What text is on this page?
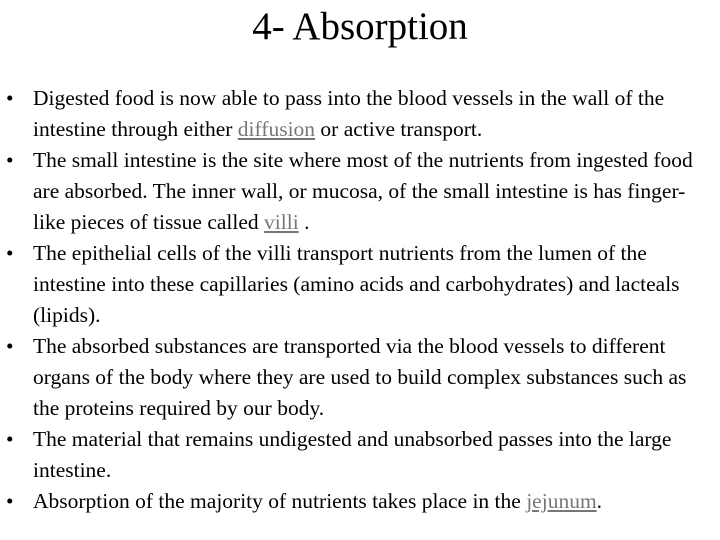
4- Absorption
• Digested food is now able to pass into the blood vessels in the wall of the intestine through either diffusion or active transport.
• The small intestine is the site where most of the nutrients from ingested food are absorbed. The inner wall, or mucosa, of the small intestine is has finger-like pieces of tissue called villi .
• The epithelial cells of the villi transport nutrients from the lumen of the intestine into these capillaries (amino acids and carbohydrates) and lacteals (lipids).
• The absorbed substances are transported via the blood vessels to different organs of the body where they are used to build complex substances such as the proteins required by our body.
• The material that remains undigested and unabsorbed passes into the large intestine.
• Absorption of the majority of nutrients takes place in the jejunum.
